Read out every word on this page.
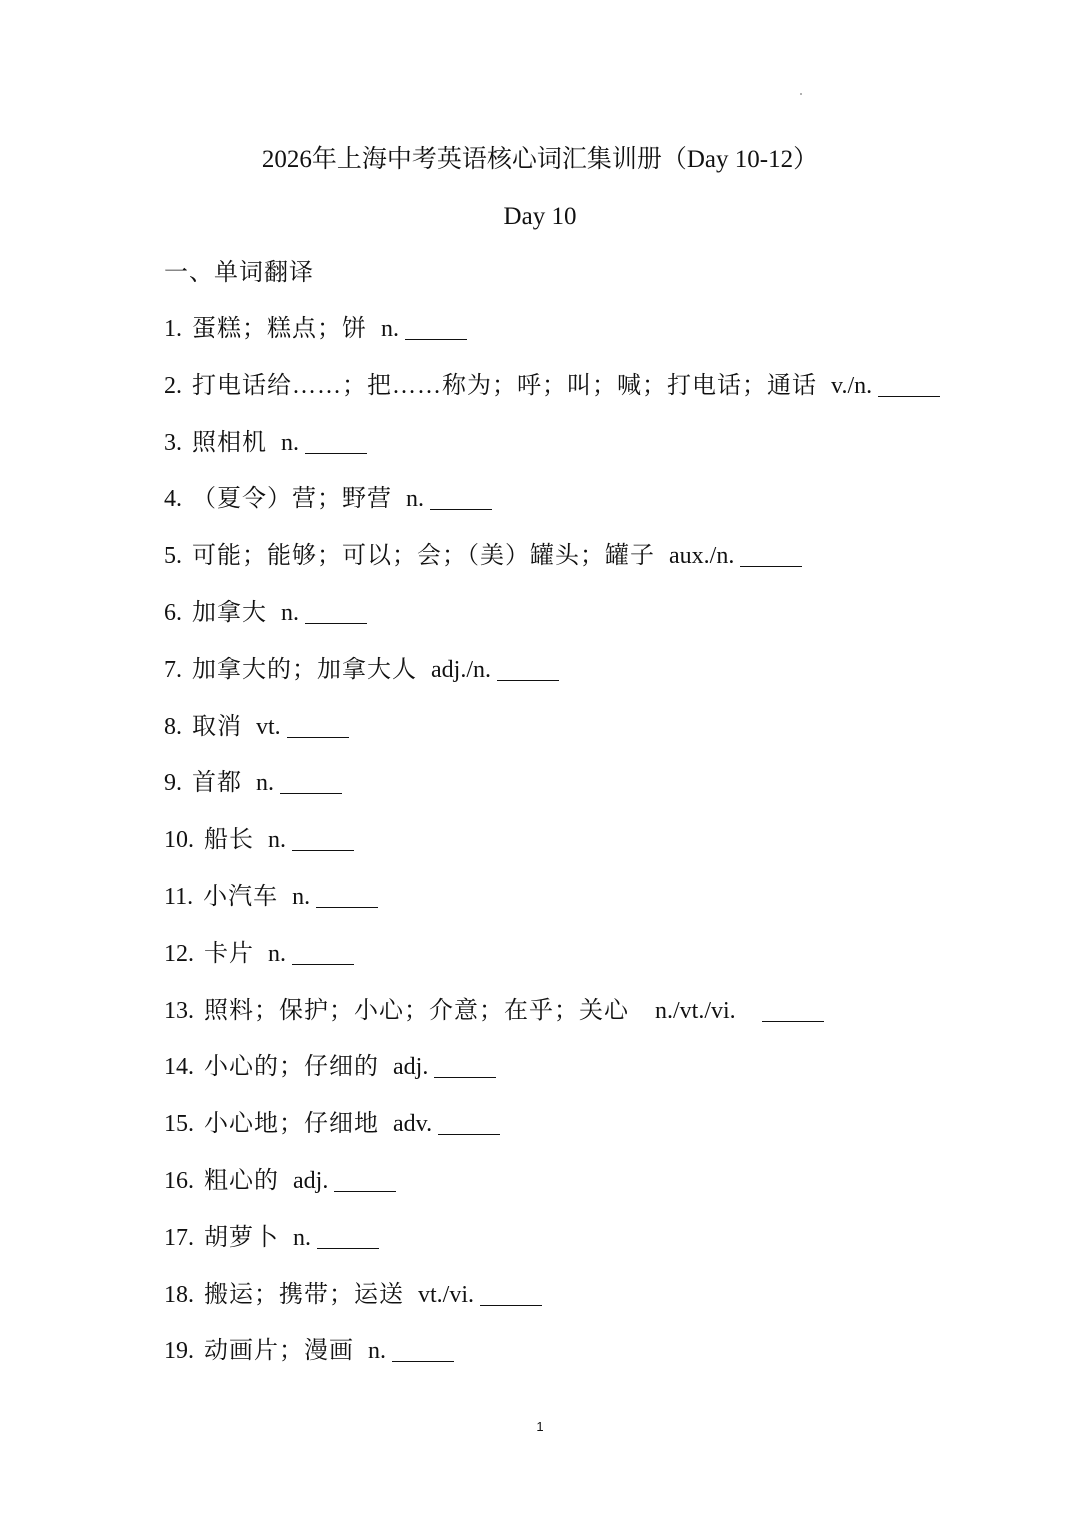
2026年上海中考英语核心词汇集训册（Day 10-12）
Day 10
一、单词翻译
1. 蛋糕；糕点；饼 n.
2. 打电话给……；把……称为；呼；叫；喊；打电话；通话 v./n.
3. 照相机 n.
4. （夏令）营；野营 n.
5. 可能；能够；可以；会；（美）罐头；罐子 aux./n.
6. 加拿大 n.
7. 加拿大的；加拿大人 adj./n.
8. 取消 vt.
9. 首都 n.
10. 船长 n.
11. 小汽车 n.
12. 卡片 n.
13. 照料；保护；小心；介意；在乎；关心 n./vt./vi.
14. 小心的；仔细的 adj.
15. 小心地；仔细地 adv.
16. 粗心的 adj.
17. 胡萝卜 n.
18. 搬运；携带；运送 vt./vi.
19. 动画片；漫画 n.
1
